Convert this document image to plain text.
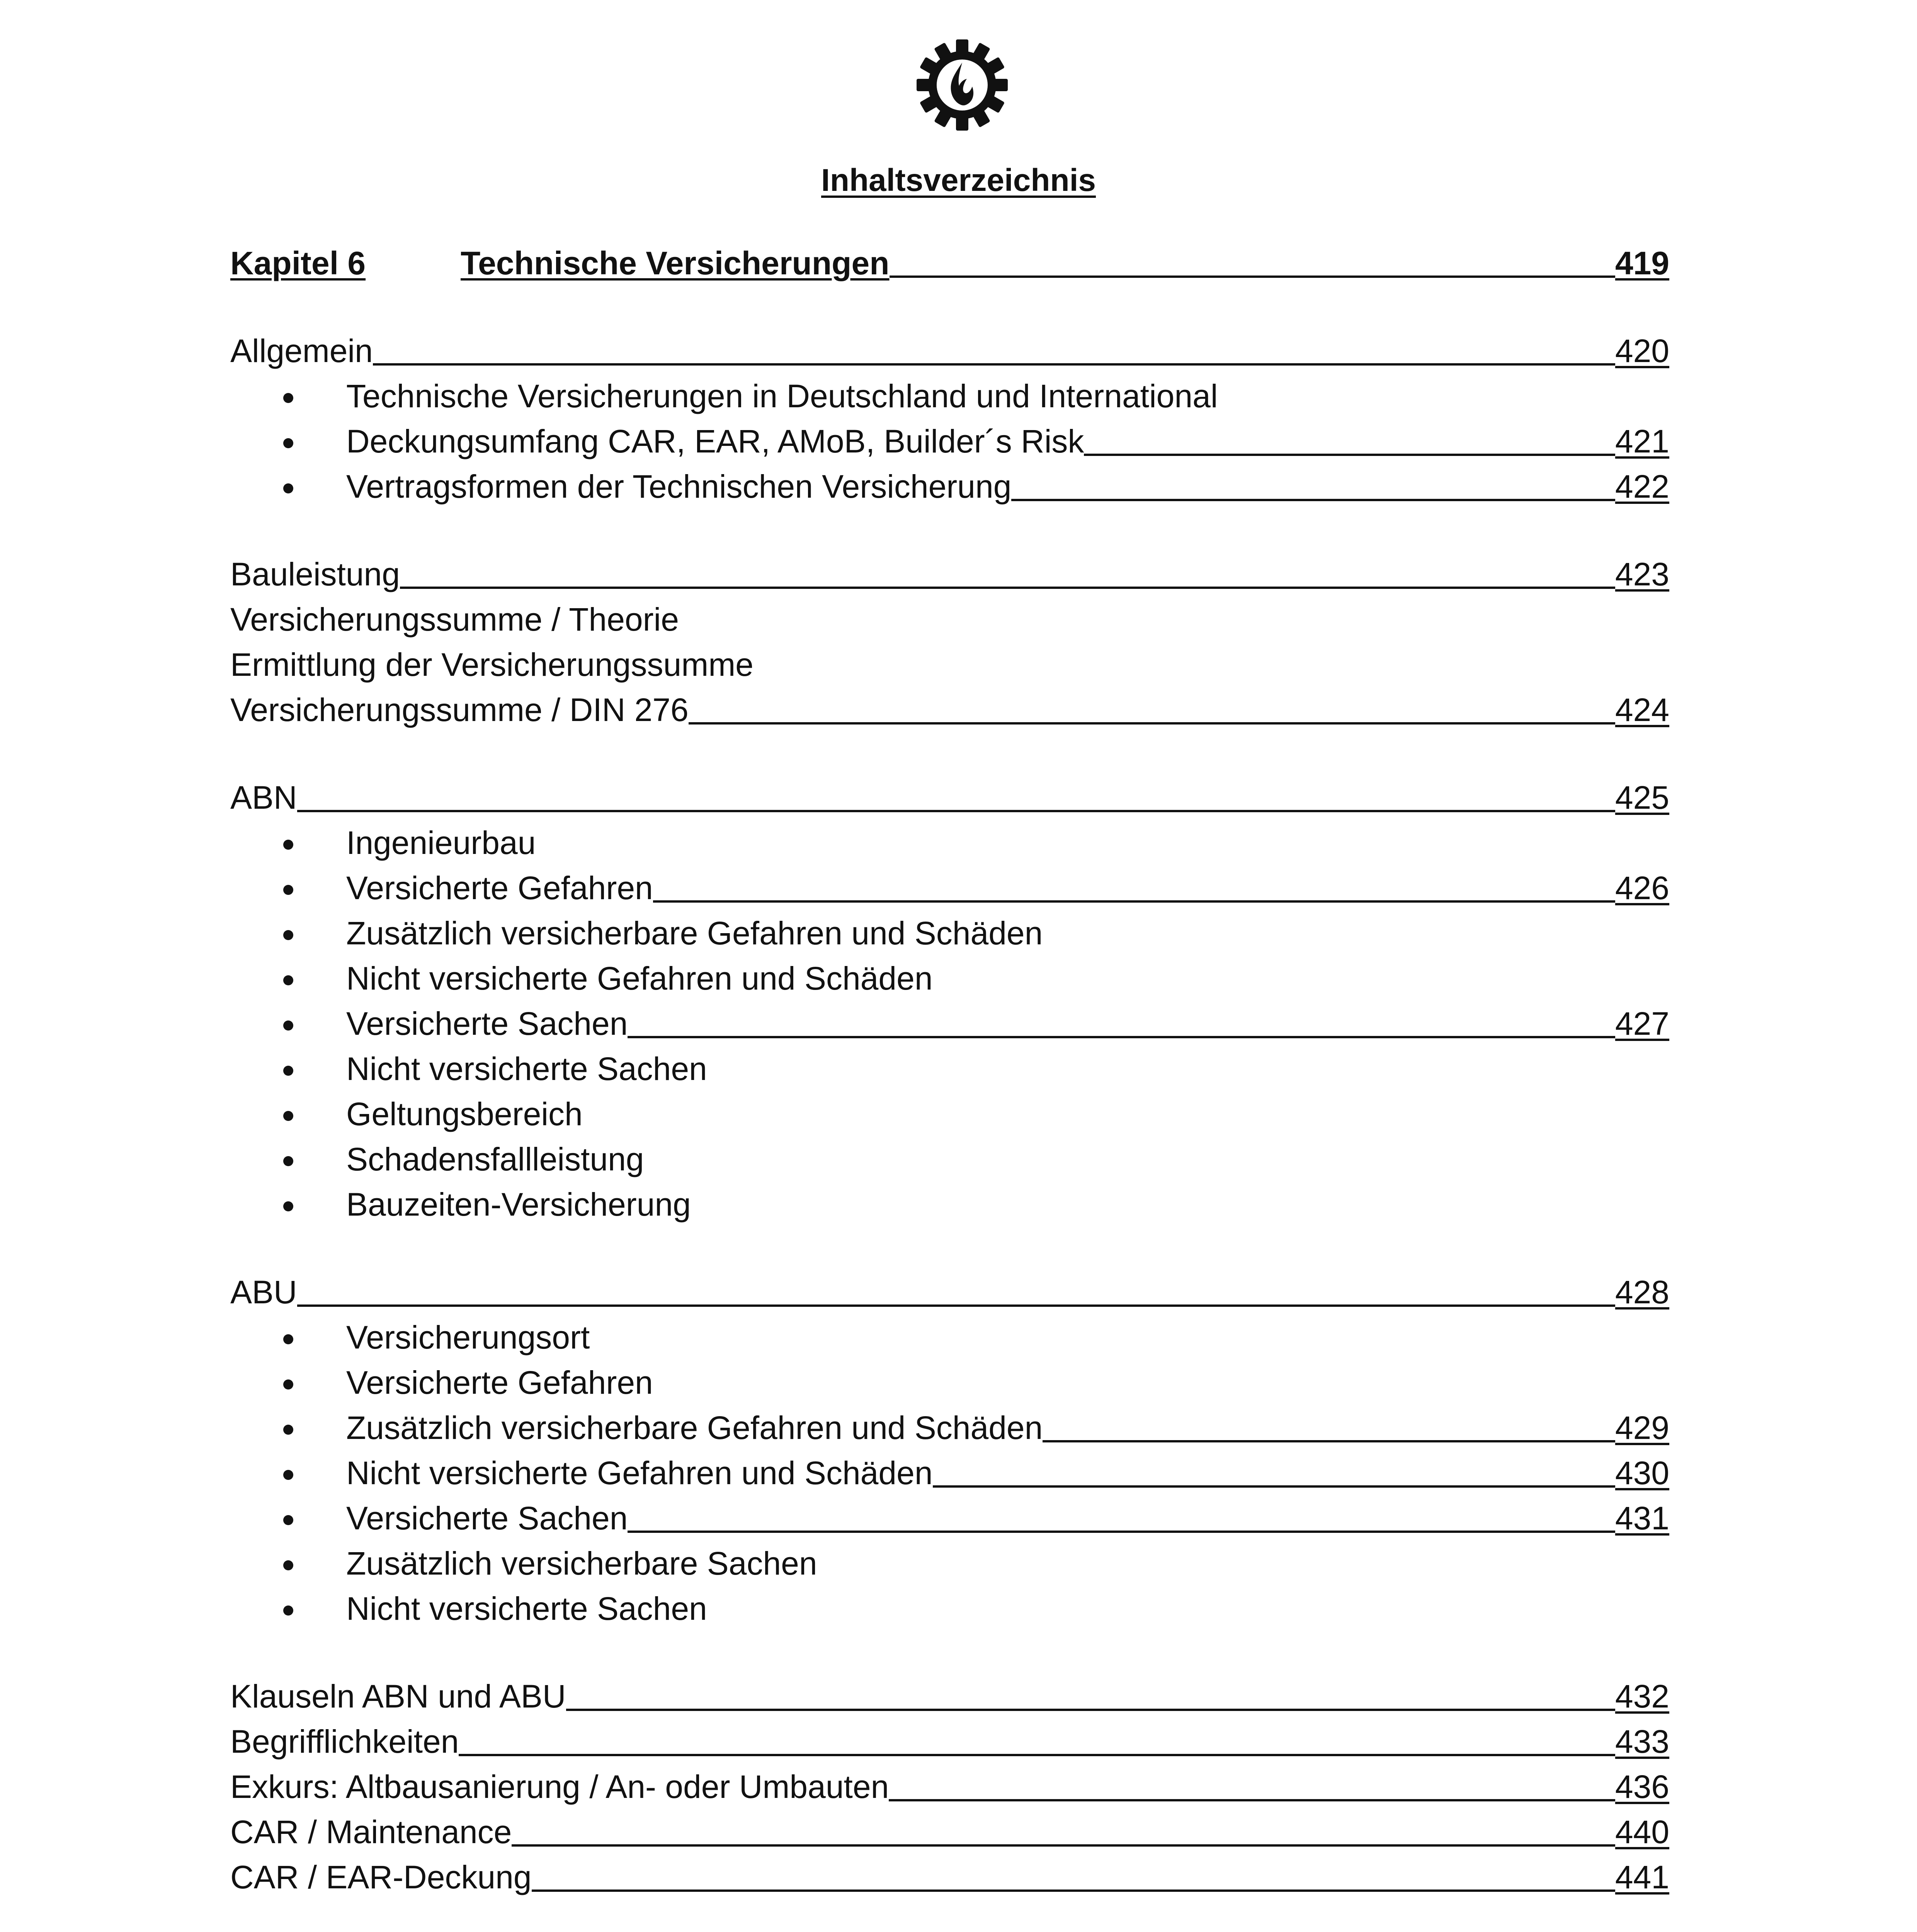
Inhaltsverzeichnis
Kapitel 6	Technische Versicherungen	419
Allgemein	420
Technische Versicherungen in Deutschland und International
Deckungsumfang CAR, EAR, AMoB, Builder´s Risk	421
Vertragsformen der Technischen Versicherung	422
Bauleistung	423
Versicherungssumme / Theorie
Ermittlung der Versicherungssumme
Versicherungssumme / DIN 276	424
ABN	425
Ingenieurbau
Versicherte Gefahren	426
Zusätzlich versicherbare Gefahren und Schäden
Nicht versicherte Gefahren und Schäden
Versicherte Sachen	427
Nicht versicherte Sachen
Geltungsbereich
Schadensfallleistung
Bauzeiten-Versicherung
ABU	428
Versicherungsort
Versicherte Gefahren
Zusätzlich versicherbare Gefahren und Schäden	429
Nicht versicherte Gefahren und Schäden	430
Versicherte Sachen	431
Zusätzlich versicherbare Sachen
Nicht versicherte Sachen
Klauseln ABN und ABU	432
Begrifflichkeiten	433
Exkurs: Altbausanierung / An- oder Umbauten	436
CAR / Maintenance	440
CAR / EAR-Deckung	441
